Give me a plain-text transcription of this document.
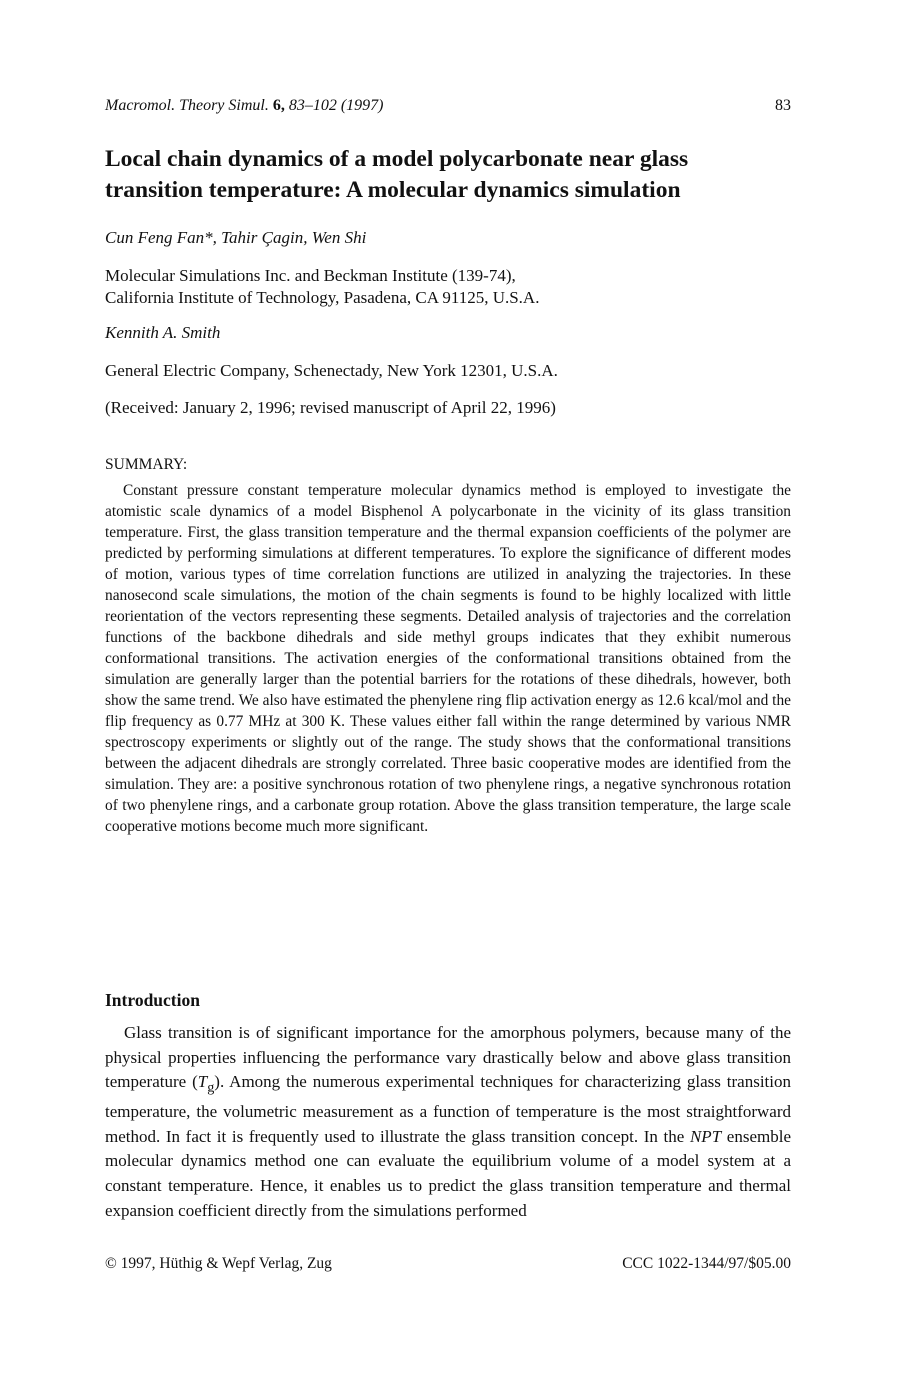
Macromol. Theory Simul. 6, 83–102 (1997)	83
Local chain dynamics of a model polycarbonate near glass transition temperature: A molecular dynamics simulation
Cun Feng Fan*, Tahir Çagin, Wen Shi
Molecular Simulations Inc. and Beckman Institute (139-74),
California Institute of Technology, Pasadena, CA 91125, U.S.A.
Kennith A. Smith
General Electric Company, Schenectady, New York 12301, U.S.A.
(Received: January 2, 1996; revised manuscript of April 22, 1996)
SUMMARY:

Constant pressure constant temperature molecular dynamics method is employed to investigate the atomistic scale dynamics of a model Bisphenol A polycarbonate in the vicinity of its glass transition temperature. First, the glass transition temperature and the thermal expansion coefficients of the polymer are predicted by performing simulations at different temperatures. To explore the significance of different modes of motion, various types of time correlation functions are utilized in analyzing the trajectories. In these nanosecond scale simulations, the motion of the chain segments is found to be highly localized with little reorientation of the vectors representing these segments. Detailed analysis of trajectories and the correlation functions of the backbone dihedrals and side methyl groups indicates that they exhibit numerous conformational transitions. The activation energies of the conformational transitions obtained from the simulation are generally larger than the potential barriers for the rotations of these dihedrals, however, both show the same trend. We also have estimated the phenylene ring flip activation energy as 12.6 kcal/mol and the flip frequency as 0.77 MHz at 300 K. These values either fall within the range determined by various NMR spectroscopy experiments or slightly out of the range. The study shows that the conformational transitions between the adjacent dihedrals are strongly correlated. Three basic cooperative modes are identified from the simulation. They are: a positive synchronous rotation of two phenylene rings, a negative synchronous rotation of two phenylene rings, and a carbonate group rotation. Above the glass transition temperature, the large scale cooperative motions become much more significant.

Introduction

Glass transition is of significant importance for the amorphous polymers, because many of the physical properties influencing the performance vary drastically below and above glass transition temperature $(T_g)$. Among the numerous experimental techniques for characterizing glass transition temperature, the volumetric measurement as a function of temperature is the most straightforward method. In fact it is frequently used to illustrate the glass transition concept. In the NPT ensemble molecular dynamics method one can evaluate the equilibrium volume of a model system at a constant temperature. Hence, it enables us to predict the glass transition temperature and thermal expansion coefficient directly from the simulations performed

© 1997, Hüthig & Wepf Verlag, Zug	CCC 1022-1344/97/$05.00
